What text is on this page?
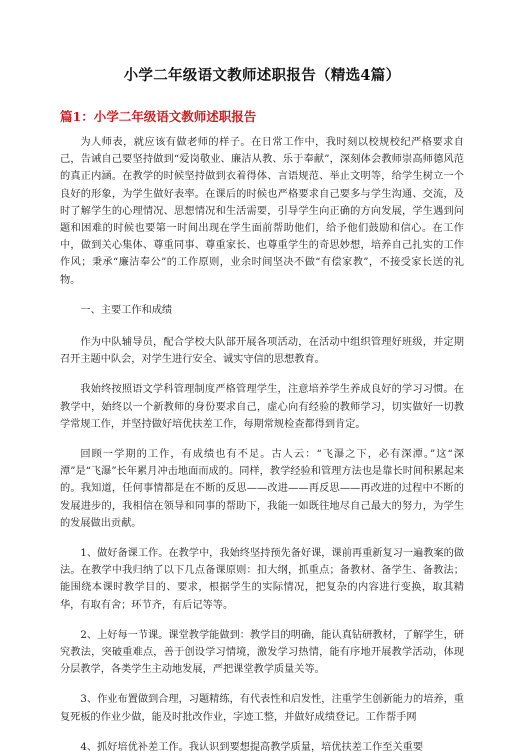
小学二年级语文教师述职报告（精选4篇）
篇1：小学二年级语文教师述职报告

为人师表，就应该有做老师的样子。在日常工作中，我时刻以校规校纪严格要求自己，告诫自己要坚持做到“爱岗敬业、廉洁从教、乐于奉献”，深刻体会教师崇高师德风范的真正内涵。在教学的时候坚持做到衣着得体、言语规范、举止文明等，给学生树立一个良好的形象，为学生做好表率。在课后的时候也严格要求自己要多与学生沟通、交流，及时了解学生的心理情况、思想情况和生活需要，引导学生向正确的方向发展，学生遇到问题和困难的时候也要第一时间出现在学生面前帮助他们，给予他们鼓励和信心。在工作中，做到关心集体、尊重同事、尊重家长、也尊重学生的奇思妙想，培养自己扎实的工作作风；秉承“廉洁奉公”的工作原则，业余时间坚决不做“有偿家教”，不接受家长送的礼物。

一、主要工作和成绩

作为中队辅导员，配合学校大队部开展各项活动，在活动中组织管理好班级，并定期召开主题中队会，对学生进行安全、诚实守信的思想教育。

我始终按照语文学科管理制度严格管理学生，注意培养学生养成良好的学习习惯。在教学中，始终以一个新教师的身份要求自己，虚心向有经验的教师学习，切实做好一切教学常规工作，并坚持做好培优扶差工作，每期常规检查都得到肯定。

回顾一学期的工作，有成绩也有不足。古人云：“飞瀑之下，必有深潭。”这“深潭”是“飞瀑”长年累月冲击地面而成的。同样，教学经验和管理方法也是靠长时间积累起来的。我知道，任何事情都是在不断的反思——改进——再反思——再改进的过程中不断的发展进步的，我相信在领导和同事的帮助下，我能一如既往地尽自己最大的努力，为学生的发展做出贡献。

1、做好备课工作。在教学中，我始终坚持预先备好课，课前再重新复习一遍教案的做法。在教学中我归纳了以下几点备课原则：扣大纲，抓重点；备教材、备学生、备教法；能围绕本课时教学目的、要求，根据学生的实际情况，把复杂的内容进行变换，取其精华，有取有舍；环节齐，有后记等等。

2、上好每一节课。课堂教学能做到：教学目的明确，能认真钻研教材，了解学生，研究教法，突破重难点，善于创设学习情境，激发学习热情，能有序地开展教学活动，体现分层教学，各类学生主动地发展，严把课堂教学质量关等。

3、作业布置做到合理，习题精练，有代表性和启发性，注重学生创新能力的培养，重复死板的作业少做，能及时批改作业，字迹工整，并做好成绩登记。工作帮手网

4、抓好培优补差工作。我认识到要想提高教学质量，培优扶差工作至关重要
